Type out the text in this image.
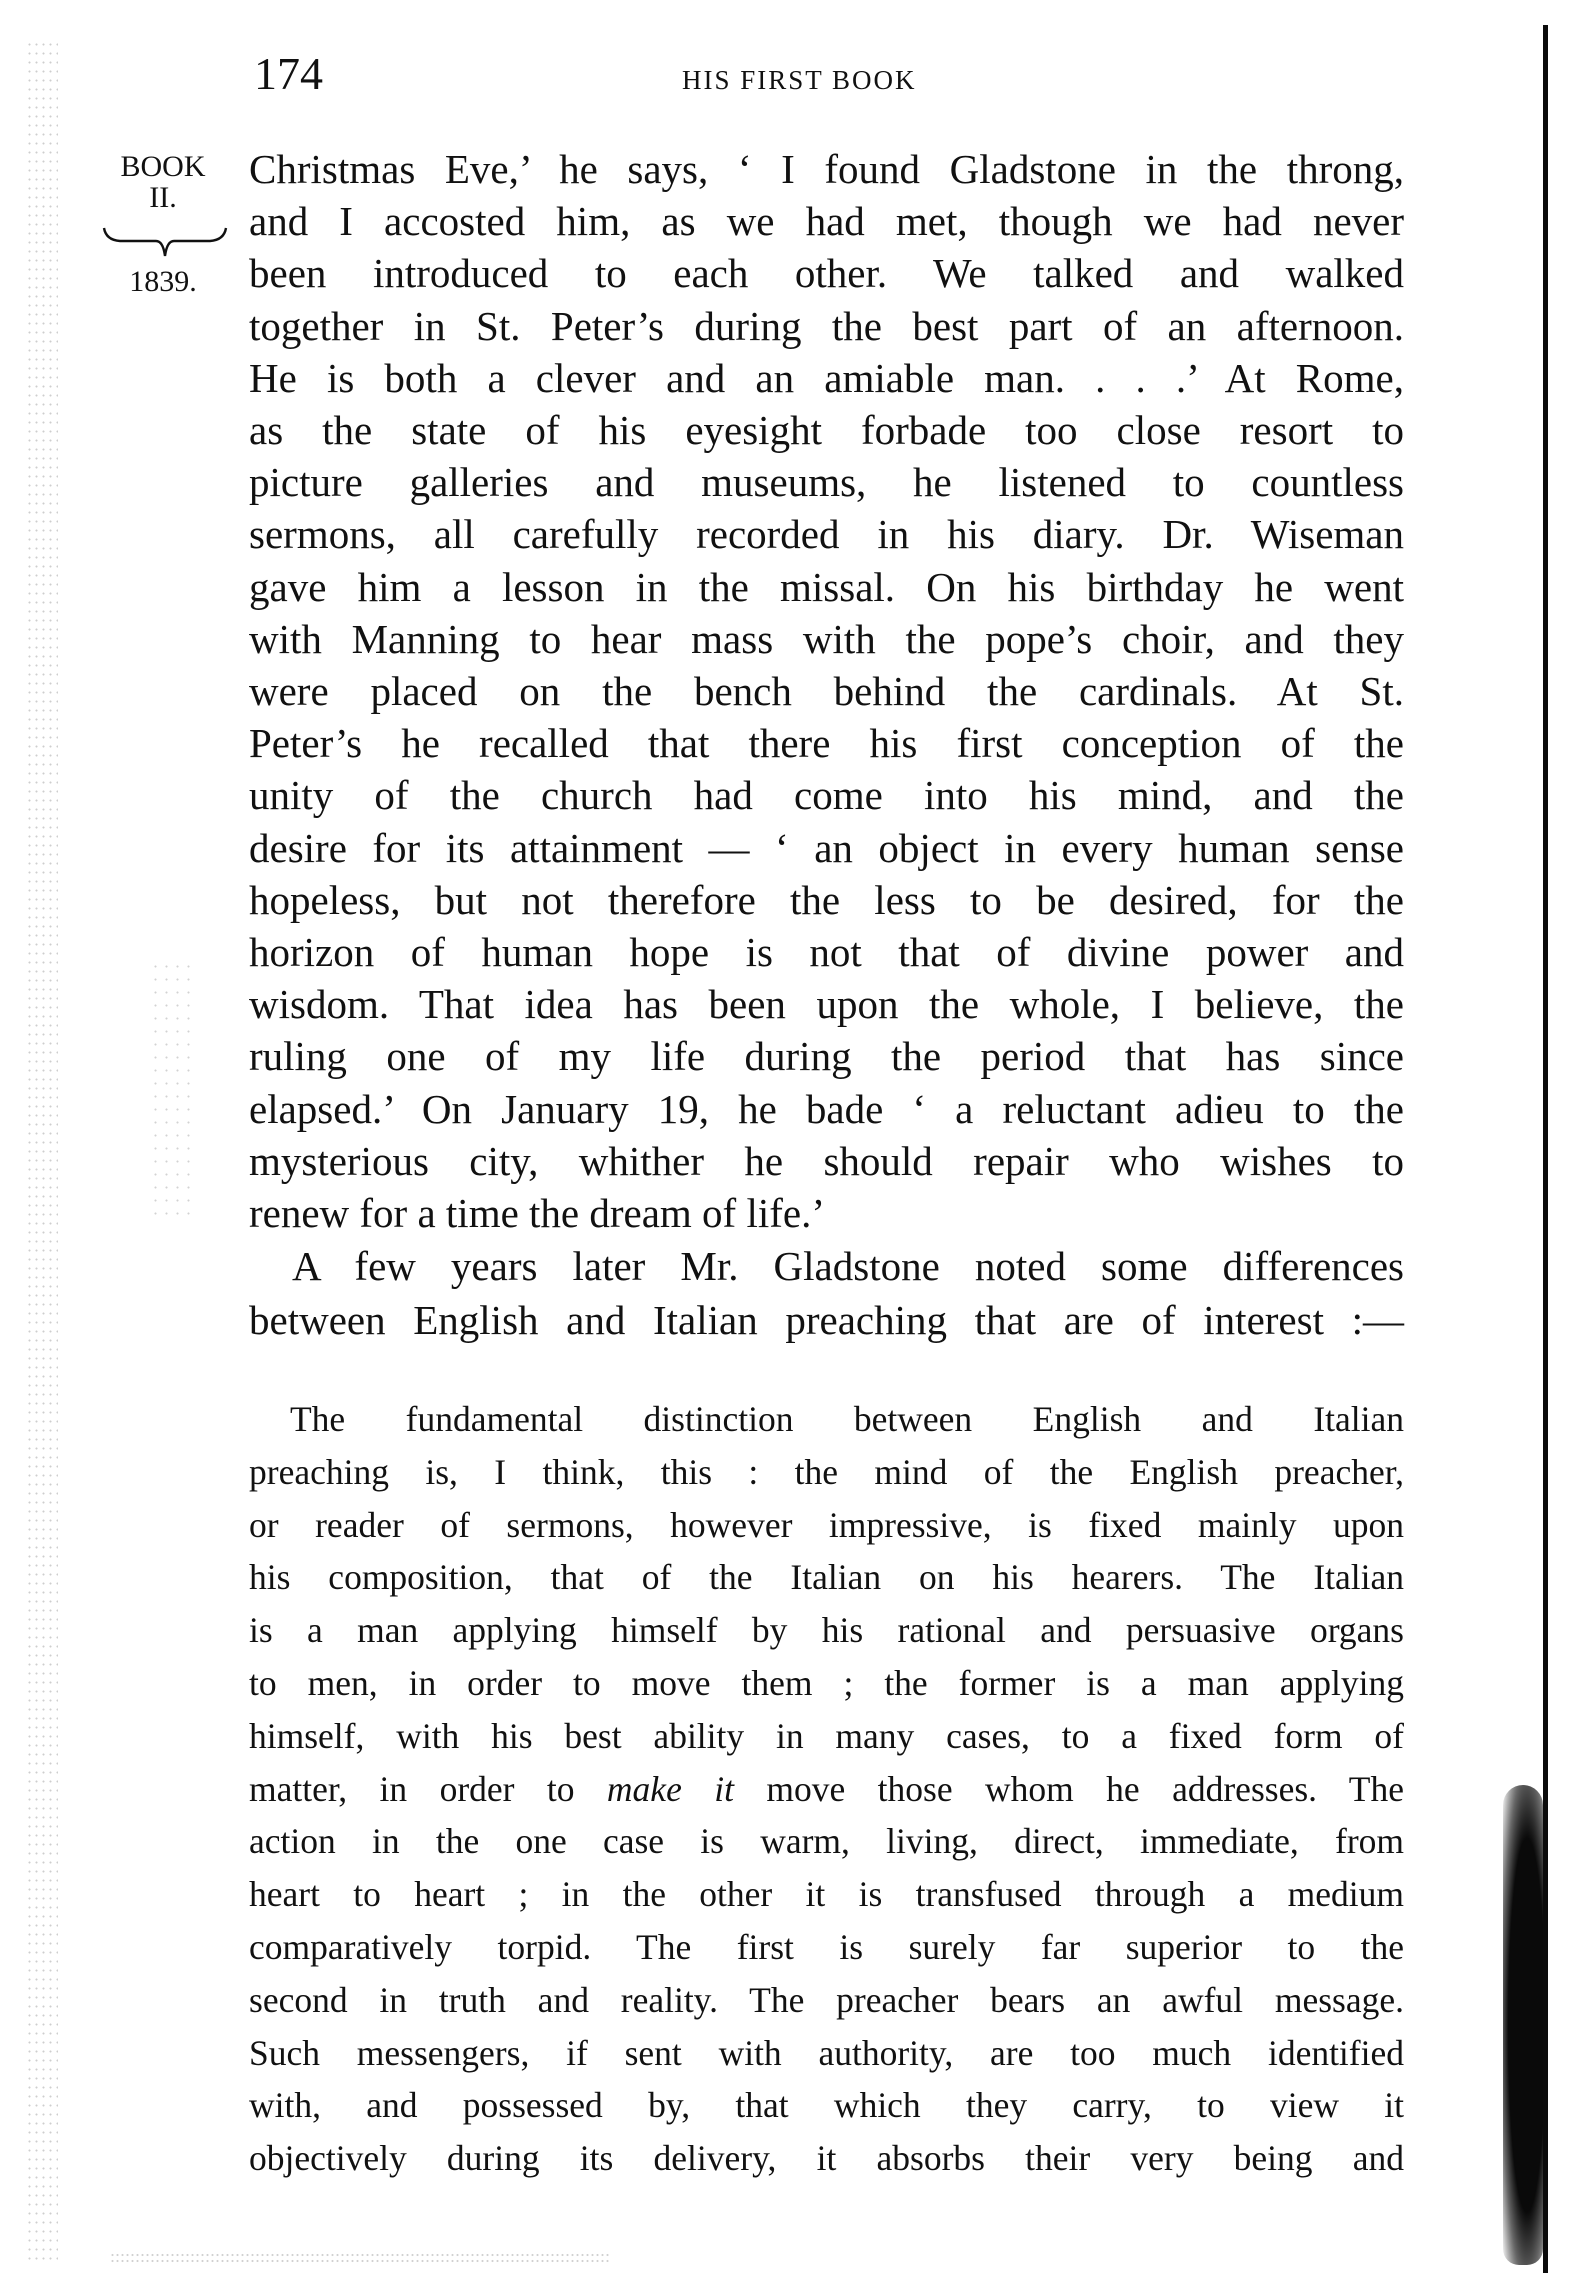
174	HIS FIRST BOOK
BOOK
II.
1839.
Christmas Eve,’ he says, ‘ I found Gladstone in the throng,
and I accosted him, as we had met, though we had never
been introduced to each other. We talked and walked
together in St. Peter’s during the best part of an afternoon.
He is both a clever and an amiable man. . . .’ At Rome,
as the state of his eyesight forbade too close resort to
picture galleries and museums, he listened to countless
sermons, all carefully recorded in his diary. Dr. Wiseman
gave him a lesson in the missal. On his birthday he went
with Manning to hear mass with the pope’s choir, and they
were placed on the bench behind the cardinals. At St.
Peter’s he recalled that there his first conception of the
unity of the church had come into his mind, and the
desire for its attainment — ‘ an object in every human sense
hopeless, but not therefore the less to be desired, for the
horizon of human hope is not that of divine power and
wisdom. That idea has been upon the whole, I believe, the
ruling one of my life during the period that has since
elapsed.’ On January 19, he bade ‘ a reluctant adieu to the
mysterious city, whither he should repair who wishes to
renew for a time the dream of life.’
A few years later Mr. Gladstone noted some differences
between English and Italian preaching that are of interest :—
The fundamental distinction between English and Italian
preaching is, I think, this : the mind of the English preacher,
or reader of sermons, however impressive, is fixed mainly upon
his composition, that of the Italian on his hearers. The Italian
is a man applying himself by his rational and persuasive organs
to men, in order to move them ; the former is a man applying
himself, with his best ability in many cases, to a fixed form of
matter, in order to make it move those whom he addresses. The
action in the one case is warm, living, direct, immediate, from
heart to heart ; in the other it is transfused through a medium
comparatively torpid. The first is surely far superior to the
second in truth and reality. The preacher bears an awful message.
Such messengers, if sent with authority, are too much identified
with, and possessed by, that which they carry, to view it
objectively during its delivery, it absorbs their very being and
